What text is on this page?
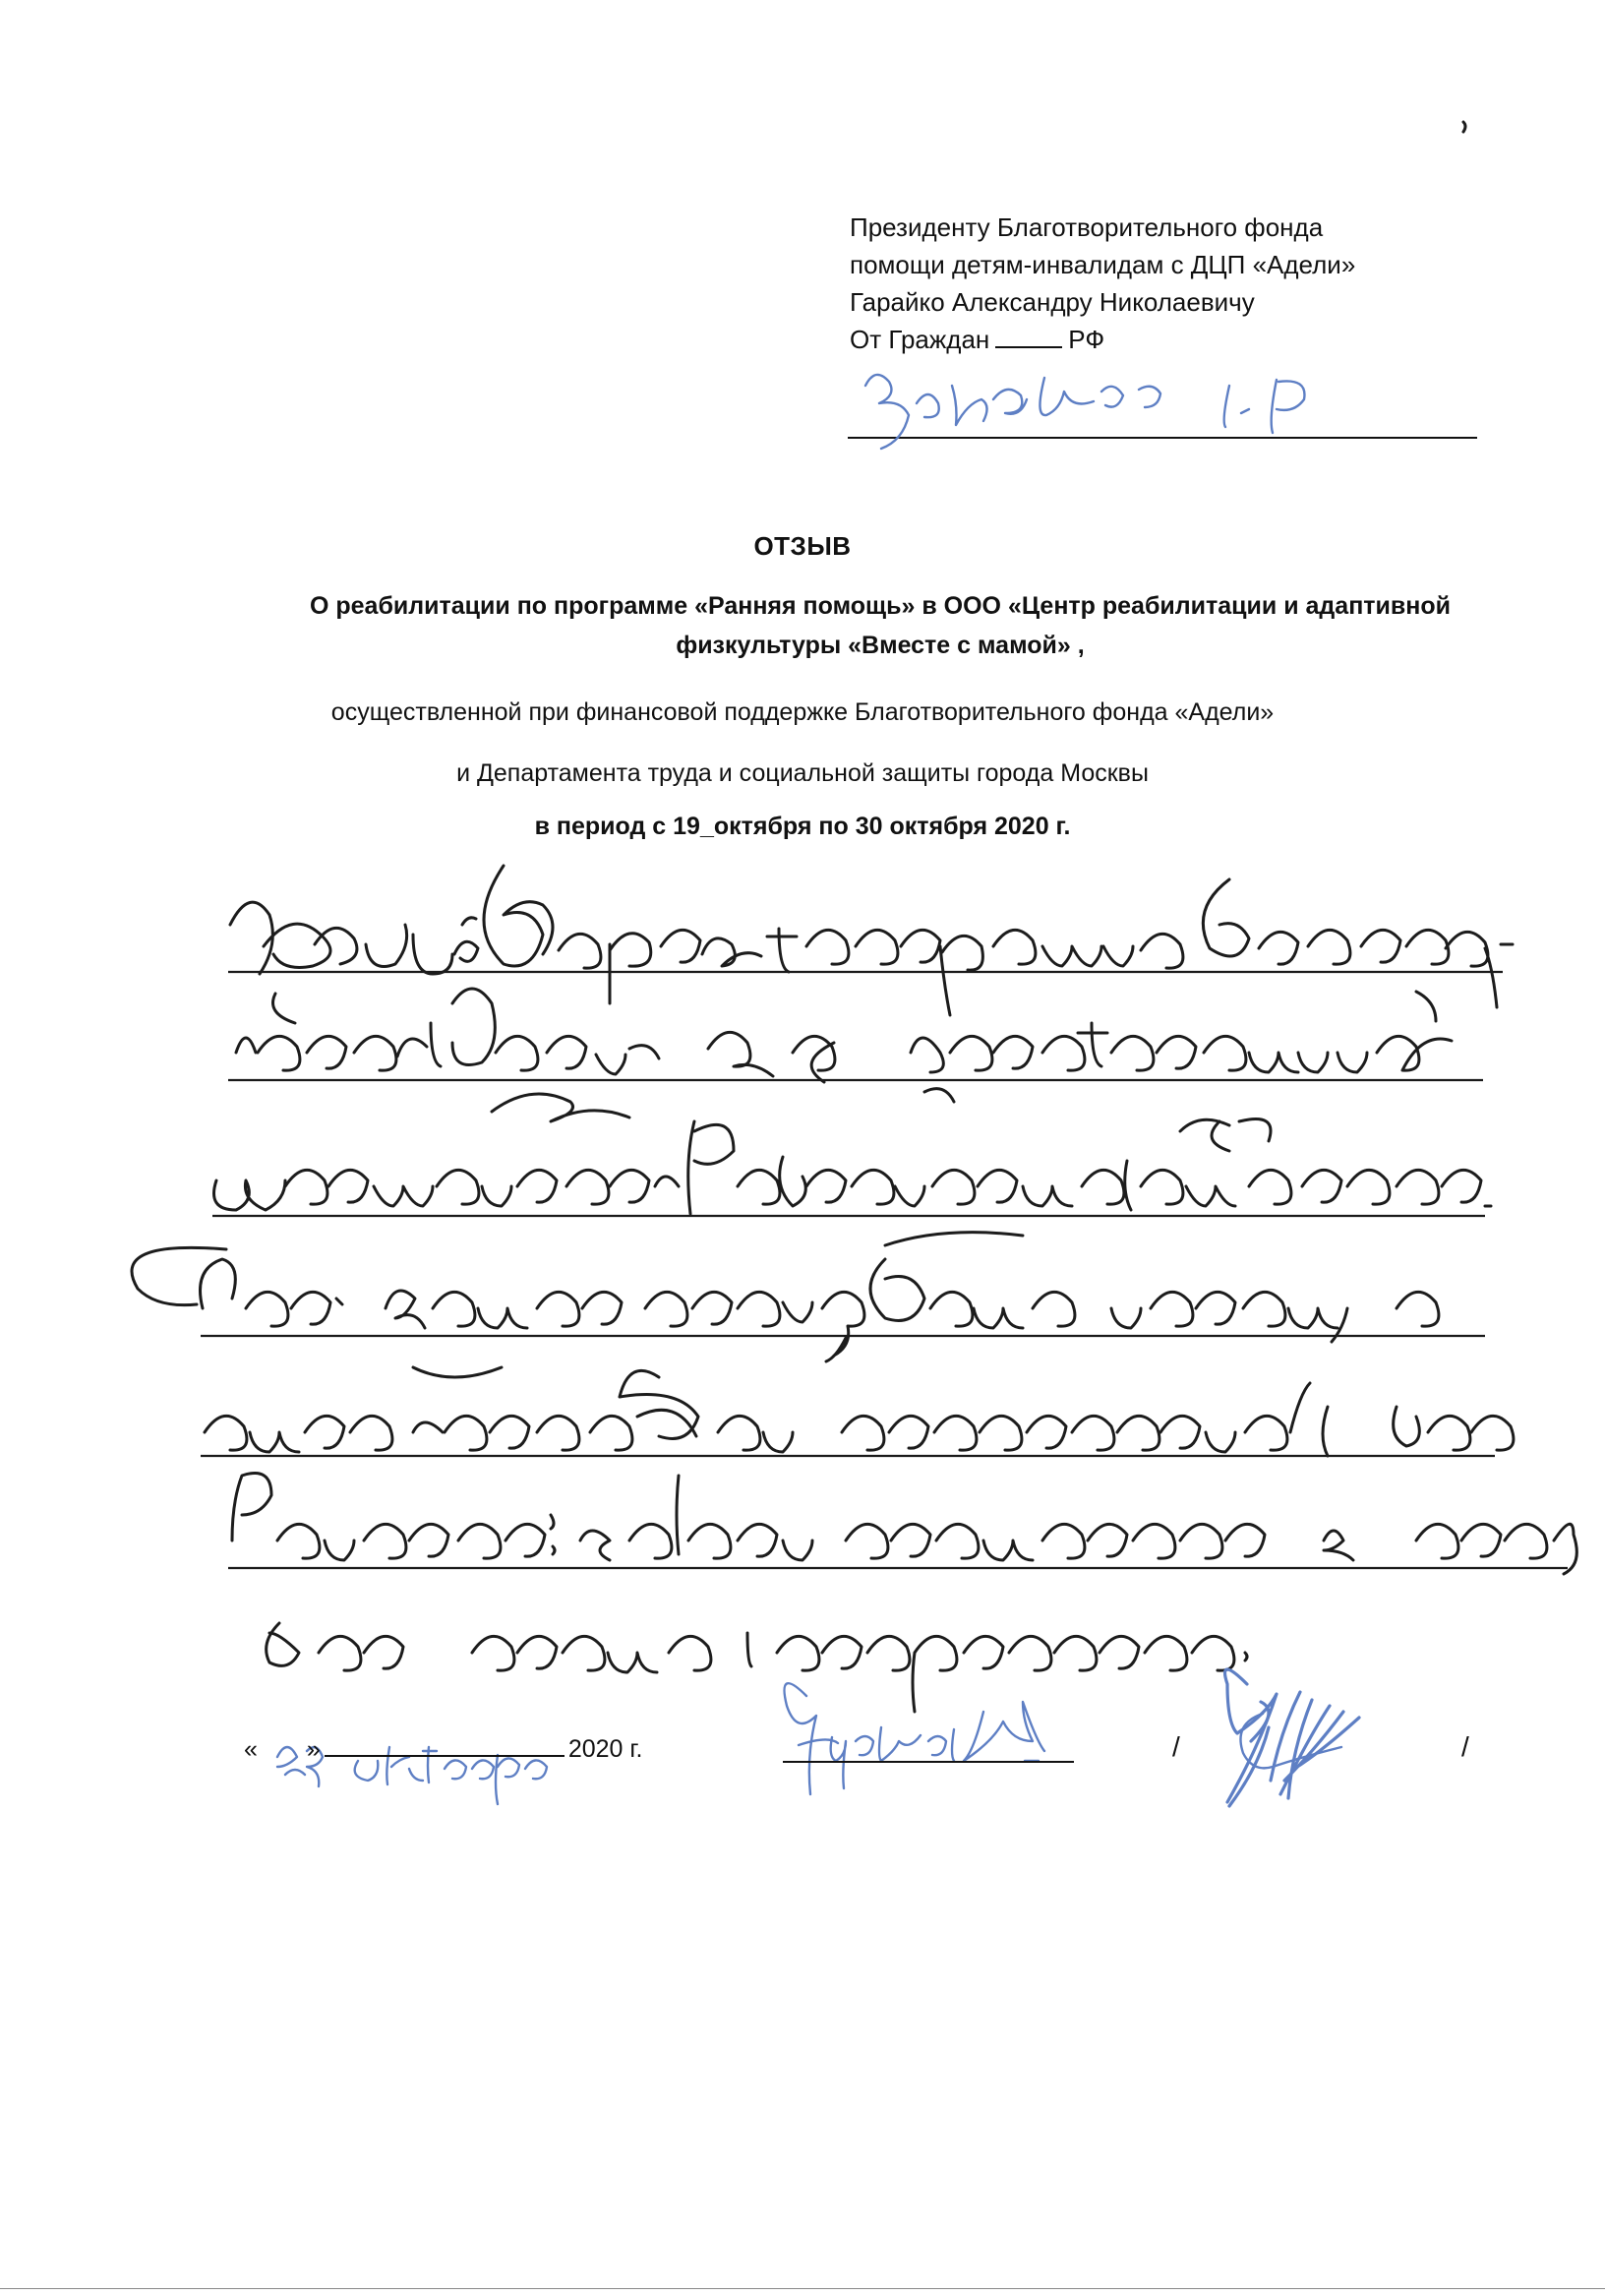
Президенту Благотворительного фонда
помощи детям-инвалидам с ДЦП «Адели»
Гарайко Александру Николаевичу
От Граждан	РФ
ОТЗЫВ
О реабилитации по программе «Ранняя помощь» в ООО «Центр реабилитации и адаптивной физкультуры «Вместе с мамой» ,
осуществленной при финансовой поддержке Благотворительного фонда «Адели»
и Департамента труда и социальной защиты города Москвы
в период с 19_октября по 30 октября 2020 г.
« »	2020 г.	/	/
